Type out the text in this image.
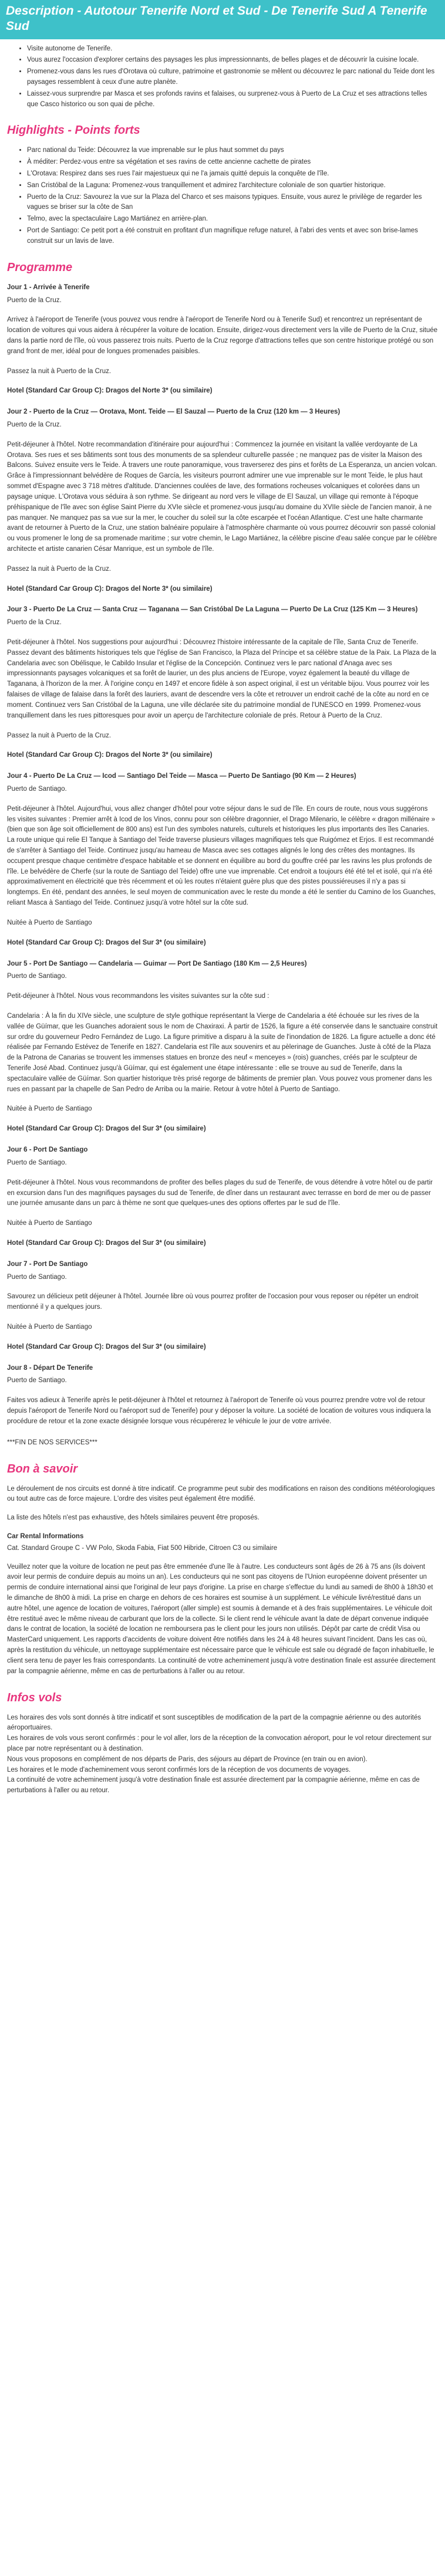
Description - Autotour Tenerife Nord et Sud - De Tenerife Sud A Tenerife Sud
• Visite autonome de Tenerife.
• Vous aurez l'occasion d'explorer certains des paysages les plus impressionnants, de belles plages et de découvrir la cuisine locale.
• Promenez-vous dans les rues d'Orotava où culture, patrimoine et gastronomie se mêlent ou découvrez le parc national du Teide dont les paysages ressemblent à ceux d'une autre planète.
• Laissez-vous surprendre par Masca et ses profonds ravins et falaises, ou surprenez-vous à Puerto de La Cruz et ses attractions telles que Casco historico ou son quai de pêche.
Highlights - Points forts
• Parc national du Teide: Découvrez la vue imprenable sur le plus haut sommet du pays
• À méditer: Perdez-vous entre sa végétation et ses ravins de cette ancienne cachette de pirates
• L'Orotava: Respirez dans ses rues l'air majestueux qui ne l'a jamais quitté depuis la conquête de l'île.
• San Cristóbal de la Laguna: Promenez-vous tranquillement et admirez l'architecture coloniale de son quartier historique.
• Puerto de la Cruz: Savourez la vue sur la Plaza del Charco et ses maisons typiques. Ensuite, vous aurez le privilège de regarder les vagues se briser sur la côte de San
• Telmo, avec la spectaculaire Lago Martiánez en arrière-plan.
• Port de Santiago: Ce petit port a été construit en profitant d'un magnifique refuge naturel, à l'abri des vents et avec son brise-lames construit sur un lavis de lave.
Programme

Jour 1 - Arrivée à Tenerife

Puerto de la Cruz.

Arrivez à l'aéroport de Tenerife (vous pouvez vous rendre à l'aéroport de Tenerife Nord ou à Tenerife Sud) et rencontrez un représentant de location de voitures qui vous aidera à récupérer la voiture de location. Ensuite, dirigez-vous directement vers la ville de Puerto de la Cruz, située dans la partie nord de l'île, où vous passerez trois nuits. Puerto de la Cruz regorge d'attractions telles que son centre historique protégé ou son grand front de mer, idéal pour de longues promenades paisibles.

Passez la nuit à Puerto de la Cruz.

Hotel (Standard Car Group C): Dragos del Norte 3* (ou similaire)

Jour 2 - Puerto de la Cruz — Orotava, Mont. Teide — El Sauzal — Puerto de la Cruz (120 km — 3 Heures)

Puerto de la Cruz.

Petit-déjeuner à l'hôtel. Notre recommandation d'itinéraire pour aujourd'hui : Commencez la journée en visitant la vallée verdoyante de La Orotava. Ses rues et ses bâtiments sont tous des monuments de sa splendeur culturelle passée ; ne manquez pas de visiter la Maison des Balcons. Suivez ensuite vers le Teide. À travers une route panoramique, vous traverserez des pins et forêts de La Esperanza, un ancien volcan. Grâce à l'impressionnant belvédère de Roques de García, les visiteurs pourront admirer une vue imprenable sur le mont Teide, le plus haut sommet d'Espagne avec 3 718 mètres d'altitude. D'anciennes coulées de lave, des formations rocheuses volcaniques et colorées dans un paysage unique. L'Orotava vous séduira à son rythme. Se dirigeant au nord vers le village de El Sauzal, un village qui remonte à l'époque préhispanique de l'île avec son église Saint Pierre du XVIe siècle et promenez-vous jusqu'au domaine du XVIIe siècle de l'ancien manoir, à ne pas manquer. Ne manquez pas sa vue sur la mer, le coucher du soleil sur la côte escarpée et l'océan Atlantique. C'est une halte charmante avant de retourner à Puerto de la Cruz, une station balnéaire populaire à l'atmosphère charmante où vous pourrez découvrir son passé colonial ou vous promener le long de sa promenade maritime ; sur votre chemin, le Lago Martiánez, la célèbre piscine d'eau salée conçue par le célèbre architecte et artiste canarien César Manrique, est un symbole de l'île.

Passez la nuit à Puerto de la Cruz.

Hotel (Standard Car Group C): Dragos del Norte 3* (ou similaire)

Jour 3 - Puerto De La Cruz — Santa Cruz — Taganana — San Cristóbal De La Laguna — Puerto De La Cruz (125 Km — 3 Heures)

Puerto de la Cruz.

Petit-déjeuner à l'hôtel. Nos suggestions pour aujourd'hui : Découvrez l'histoire intéressante de la capitale de l'île, Santa Cruz de Tenerife. Passez devant des bâtiments historiques tels que l'église de San Francisco, la Plaza del Príncipe et sa célèbre statue de la Paix. La Plaza de la Candelaria avec son Obélisque, le Cabildo Insular et l'église de la Concepción. Continuez vers le parc national d'Anaga avec ses impressionnants paysages volcaniques et sa forêt de laurier, un des plus anciens de l'Europe, voyez également la beauté du village de Taganana, à l'horizon de la mer. À l'origine conçu en 1497 et encore fidèle à son aspect original, il est un véritable bijou. Vous pourrez voir les falaises de village de falaise dans la forêt des lauriers, avant de descendre vers la côte et retrouver un endroit caché de la côte au nord en ce moment. Continuez vers San Cristóbal de la Laguna, une ville déclarée site du patrimoine mondial de l'UNESCO en 1999. Promenez-vous tranquillement dans les rues pittoresques pour avoir un aperçu de l'architecture coloniale de prés. Retour à Puerto de la Cruz.

Passez la nuit à Puerto de la Cruz.

Hotel (Standard Car Group C): Dragos del Norte 3* (ou similaire)

Jour 4 - Puerto De La Cruz — Icod — Santiago Del Teide — Masca — Puerto De Santiago (90 Km — 2 Heures)

Puerto de Santiago.

Petit-déjeuner à l'hôtel. Aujourd'hui, vous allez changer d'hôtel pour votre séjour dans le sud de l'île. En cours de route, nous vous suggérons les visites suivantes : Premier arrêt à Icod de los Vinos, connu pour son célèbre dragonnier, el Drago Milenario, le célèbre « dragon millénaire » (bien que son âge soit officiellement de 800 ans) est l'un des symboles naturels, culturels et historiques les plus importants des îles Canaries. La route unique qui relie El Tanque à Santiago del Teide traverse plusieurs villages magnifiques tels que Ruigómez et Erjos. Il est recommandé de s'arrêter à Santiago del Teide. Continuez jusqu'au hameau de Masca avec ses cottages alignés le long des crêtes des montagnes. Ils occupent presque chaque centimètre d'espace habitable et se donnent en équilibre au bord du gouffre créé par les ravins les plus profonds de l'île. Le belvédère de Cherfe (sur la route de Santiago del Teide) offre une vue imprenable. Cet endroit a toujours été été tel et isolé, qui n'a été approximativement en électricité que très récemment et où les routes n'étaient guère plus que des pistes poussiéreuses il n'y a pas si longtemps. En été, pendant des années, le seul moyen de communication avec le reste du monde a été le sentier du Camino de los Guanches, reliant Masca à Santiago del Teide. Continuez jusqu'à votre hôtel sur la côte sud.

Nuitée à Puerto de Santiago

Hotel (Standard Car Group C): Dragos del Sur 3* (ou similaire)

Jour 5 - Port De Santiago — Candelaria — Guimar — Port De Santiago (180 Km — 2,5 Heures)

Puerto de Santiago.

Petit-déjeuner à l'hôtel. Nous vous recommandons les visites suivantes sur la côte sud :

Candelaria : À la fin du XIVe siècle, une sculpture de style gothique représentant la Vierge de Candelaria a été échouée sur les rives de la vallée de Güímar, que les Guanches adoraient sous le nom de Chaxiraxi. À partir de 1526, la figure a été conservée dans le sanctuaire construit sur ordre du gouverneur Pedro Fernández de Lugo. La figure primitive a disparu à la suite de l'inondation de 1826. La figure actuelle a donc été réalisée par Fernando Estévez de Tenerife en 1827. Candelaria est l'île aux souvenirs et au pèlerinage de Guanches. Juste à côté de la Plaza de la Patrona de Canarias se trouvent les immenses statues en bronze des neuf « menceyes » (rois) guanches, créés par le sculpteur de Tenerife José Abad. Continuez jusqu'à Güímar, qui est également une étape intéressante : elle se trouve au sud de Tenerife, dans la spectaculaire vallée de Güímar. Son quartier historique très prisé regorge de bâtiments de premier plan. Vous pouvez vous promener dans les rues en passant par la chapelle de San Pedro de Arriba ou la mairie. Retour à votre hôtel à Puerto de Santiago.

Nuitée à Puerto de Santiago

Hotel (Standard Car Group C): Dragos del Sur 3* (ou similaire)

Jour 6 - Port De Santiago

Puerto de Santiago.

Petit-déjeuner à l'hôtel. Nous vous recommandons de profiter des belles plages du sud de Tenerife, de vous détendre à votre hôtel ou de partir en excursion dans l'un des magnifiques paysages du sud de Tenerife, de dîner dans un restaurant avec terrasse en bord de mer ou de passer une journée amusante dans un parc à thème ne sont que quelques-unes des options offertes par le sud de l'île.

Nuitée à Puerto de Santiago

Hotel (Standard Car Group C): Dragos del Sur 3* (ou similaire)

Jour 7 - Port De Santiago

Puerto de Santiago.

Savourez un délicieux petit déjeuner à l'hôtel. Journée libre où vous pourrez profiter de l'occasion pour vous reposer ou répéter un endroit mentionné il y a quelques jours.

Nuitée à Puerto de Santiago

Hotel (Standard Car Group C): Dragos del Sur 3* (ou similaire)

Jour 8 - Départ De Tenerife

Puerto de Santiago.

Faites vos adieux à Tenerife après le petit-déjeuner à l'hôtel et retournez à l'aéroport de Tenerife où vous pourrez prendre votre vol de retour depuis l'aéroport de Tenerife Nord ou l'aéroport sud de Tenerife) pour y déposer la voiture. La société de location de voitures vous indiquera la procédure de retour et la zone exacte désignée lorsque vous récupérerez le véhicule le jour de votre arrivée.

***FIN DE NOS SERVICES***

Bon à savoir

Le déroulement de nos circuits est donné à titre indicatif. Ce programme peut subir des modifications en raison des conditions météorologiques ou tout autre cas de force majeure. L'ordre des visites peut également être modifié.

La liste des hôtels n'est pas exhaustive, des hôtels similaires peuvent être proposés.

Car Rental Informations

Cat. Standard Groupe C - VW Polo, Skoda Fabia, Fiat 500 Hibride, Citroen C3 ou similaire

Veuillez noter que la voiture de location ne peut pas être emmenée d'une île à l'autre. Les conducteurs sont âgés de 26 à 75 ans (ils doivent avoir leur permis de conduire depuis au moins un an). Les conducteurs qui ne sont pas citoyens de l'Union européenne doivent présenter un permis de conduire international ainsi que l'original de leur pays d'origine. La prise en charge s'effectue du lundi au samedi de 8h00 à 18h30 et le dimanche de 8h00 à midi. La prise en charge en dehors de ces horaires est soumise à un supplément. Le véhicule livré/restitué dans un autre hôtel, une agence de location de voitures, l'aéroport (aller simple) est soumis à demande et à des frais supplémentaires. Le véhicule doit être restitué avec le même niveau de carburant que lors de la collecte. Si le client rend le véhicule avant la date de départ convenue indiquée dans le contrat de location, la société de location ne remboursera pas le client pour les jours non utilisés. Dépôt par carte de crédit Visa ou MasterCard uniquement. Les rapports d'accidents de voiture doivent être notifiés dans les 24 à 48 heures suivant l'incident. Dans les cas où, après la restitution du véhicule, un nettoyage supplémentaire est nécessaire parce que le véhicule est sale ou dégradé de façon inhabituelle, le client sera tenu de payer les frais correspondants. La continuité de votre acheminement jusqu'à votre destination finale est assurée directement par la compagnie aérienne, même en cas de perturbations à l'aller ou au retour.

Infos vols

Les horaires des vols sont donnés à titre indicatif et sont susceptibles de modification de la part de la compagnie aérienne ou des autorités aéroportuaires.

Les horaires de vols vous seront confirmés : pour le vol aller, lors de la réception de la convocation aéroport, pour le vol retour directement sur place par notre représentant ou à destination.

Nous vous proposons en complément de nos départs de Paris, des séjours au départ de Province (en train ou en avion).

Les horaires et le mode d'acheminement vous seront confirmés lors de la réception de vos documents de voyages.

La continuité de votre acheminement jusqu'à votre destination finale est assurée directement par la compagnie aérienne, même en cas de perturbations à l'aller ou au retour.
